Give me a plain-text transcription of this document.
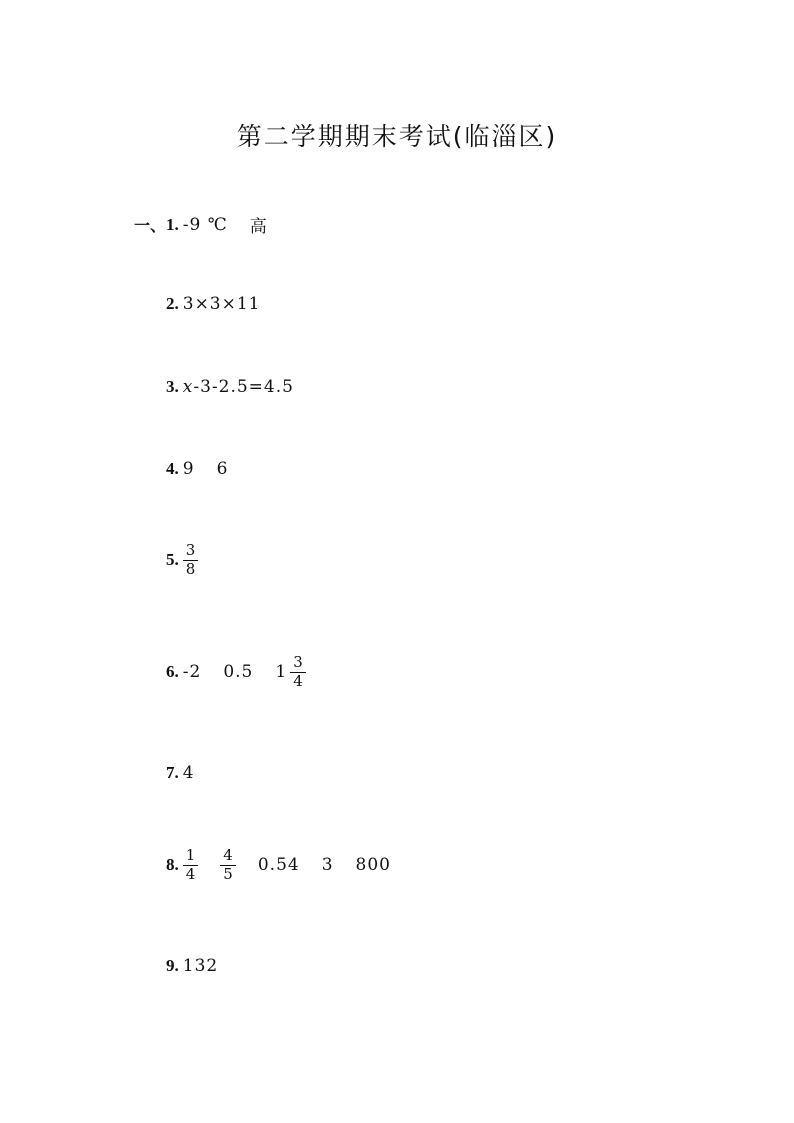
第二学期期末考试(临淄区)
一、 1. -9 ℃ 高
2. 3×3×11
3. x-3-2.5=4.5
4. 9 6
5. $\frac{3}{8}$
6. -2 0.5 $1 \frac{3}{4}$
7. 4
8. $\frac{1}{4} \frac{4}{5} 0.54$ 3 800
9. 132
